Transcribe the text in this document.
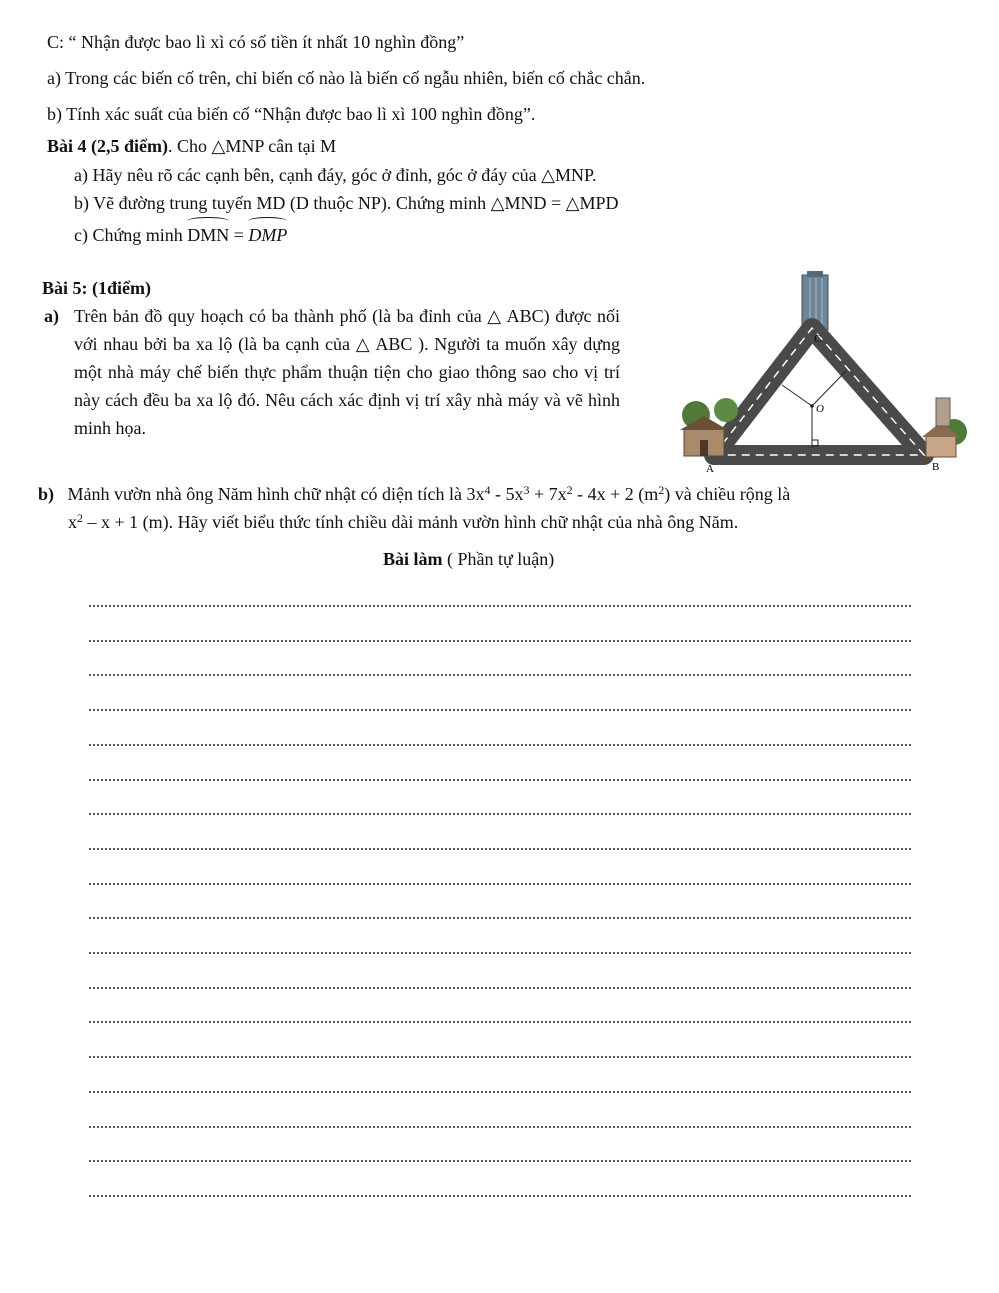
C: “ Nhận được bao lì xì có số tiền ít nhất 10 nghìn đồng”
a) Trong các biến cố trên, chỉ biến cố nào là biến cố ngẫu nhiên, biến cố chắc chắn.
b) Tính xác suất của biến cố “Nhận được bao lì xì 100 nghìn đồng”.
Bài 4 (2,5 điểm). Cho △MNP cân tại M
a) Hãy nêu rõ các cạnh bên, cạnh đáy, góc ở đỉnh, góc ở đáy của △MNP.
b) Vẽ đường trung tuyến MD (D thuộc NP). Chứng minh △MND = △MPD
c) Chứng minh
DMN =
DMP
Bài 5: (1điểm)
a) Trên bản đồ quy hoạch có ba thành phố (là ba đỉnh của △ ABC) được nối với nhau bởi ba xa lộ (là ba cạnh của △ ABC ). Người ta muốn xây dựng một nhà máy chế biến thực phẩm thuận tiện cho giao thông sao cho vị trí này cách đều ba xa lộ đó. Nêu cách xác định vị trí xây nhà máy và vẽ hình minh họa.
C
O
A	B
b) Mảnh vườn nhà ông Năm hình chữ nhật có diện tích là $3x^4 - 5x^3 + 7x^2 - 4x + 2$ $(m^2)$ và chiều rộng là
$x^2 - x + 1$ (m). Hãy viết biểu thức tính chiều dài mảnh vườn hình chữ nhật của nhà ông Năm.
Bài làm ( Phần tự luận)
